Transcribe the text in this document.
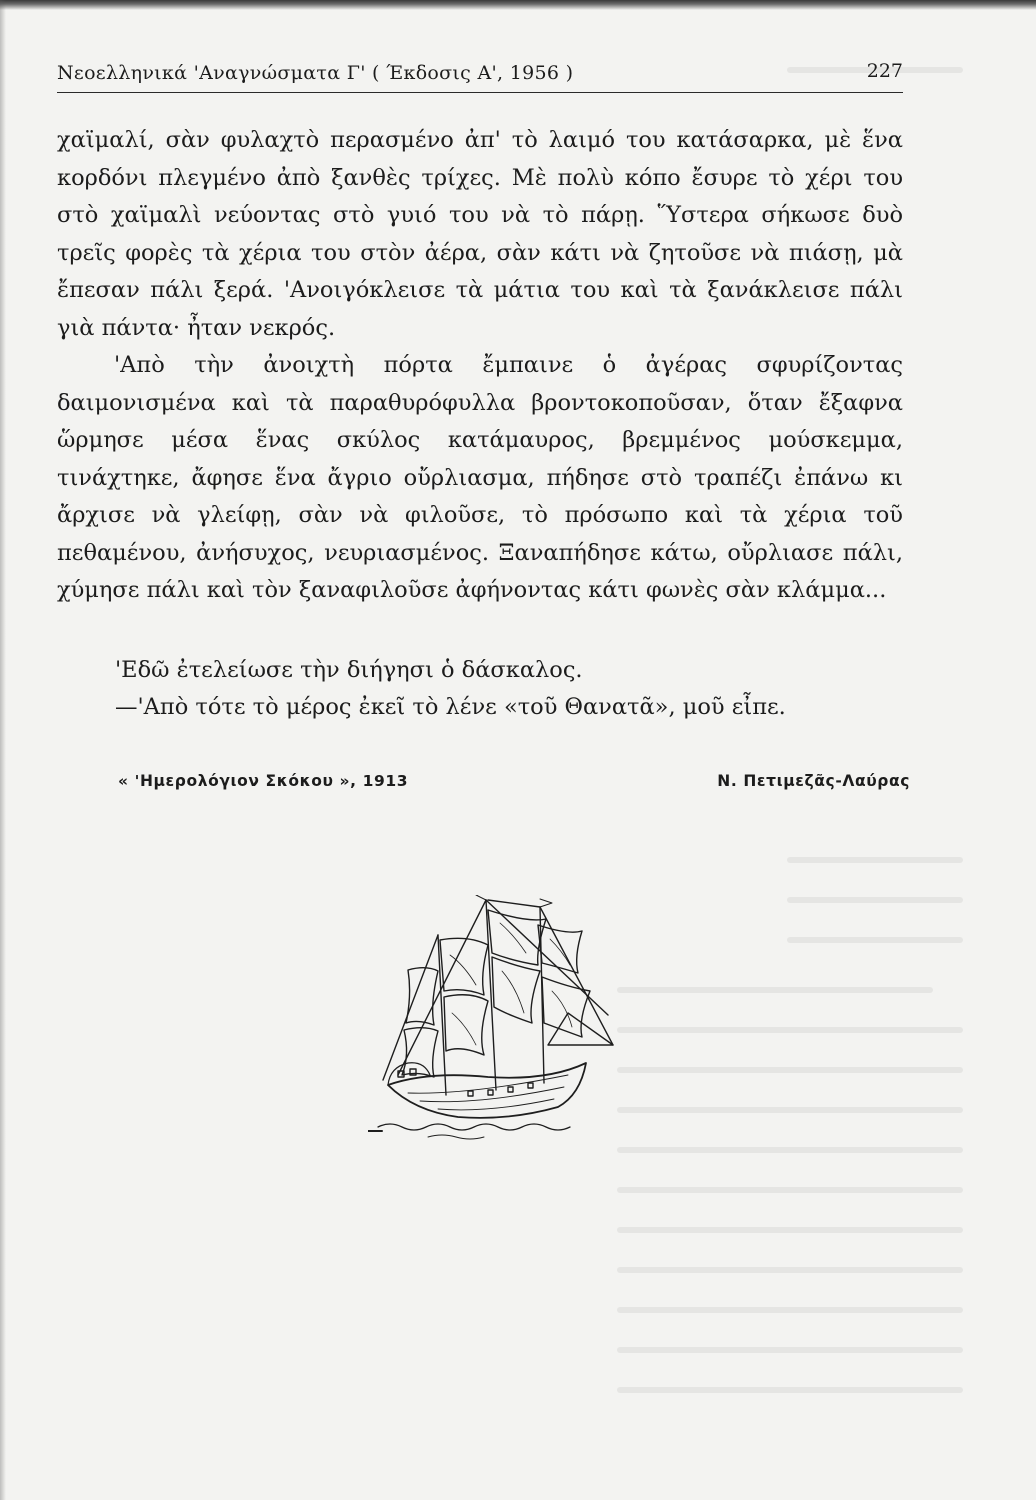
Νεοελληνικά 'Αναγνώσματα Γ' ( Έκδοσις Α', 1956 )	227

χαϊμαλί, σὰν φυλαχτὸ περασμένο ἀπ' τὸ λαιμό του κατάσαρκα, μὲ ἕνα κορδόνι πλεγμένο ἀπὸ ξανθὲς τρίχες. Μὲ πολὺ κόπο ἔσυρε τὸ χέρι του στὸ χαϊμαλὶ νεύοντας στὸ γυιό του νὰ τὸ πάρῃ. Ὕστερα σήκωσε δυὸ τρεῖς φορὲς τὰ χέρια του στὸν ἀέρα, σὰν κάτι νὰ ζητοῦσε νὰ πιάσῃ, μὰ ἔπεσαν πάλι ξερά. 'Ανοιγόκλεισε τὰ μάτια του καὶ τὰ ξανάκλεισε πάλι γιὰ πάντα· ἦταν νεκρός.

'Απὸ τὴν ἀνοιχτὴ πόρτα ἔμπαινε ὁ ἀγέρας σφυρίζοντας δαιμονισμένα καὶ τὰ παραθυρόφυλλα βροντοκοποῦσαν, ὅταν ἔξαφνα ὥρμησε μέσα ἕνας σκύλος κατάμαυρος, βρεμμένος μούσκεμμα, τινάχτηκε, ἄφησε ἕνα ἄγριο οὔρλιασμα, πήδησε στὸ τραπέζι ἐπάνω κι ἄρχισε νὰ γλείφῃ, σὰν νὰ φιλοῦσε, τὸ πρόσωπο καὶ τὰ χέρια τοῦ πεθαμένου, ἀνήσυχος, νευριασμένος. Ξαναπήδησε κάτω, οὔρλιασε πάλι, χύμησε πάλι καὶ τὸν ξαναφιλοῦσε ἀφήνοντας κάτι φωνὲς σὰν κλάμμα...

'Εδῶ ἐτελείωσε τὴν διήγησι ὁ δάσκαλος.
—'Απὸ τότε τὸ μέρος ἐκεῖ τὸ λένε «τοῦ Θανατᾶ», μοῦ εἶπε.
« 'Ημερολόγιον Σκόκου », 1913	Ν. Πετιμεζᾶς-Λαύρας
